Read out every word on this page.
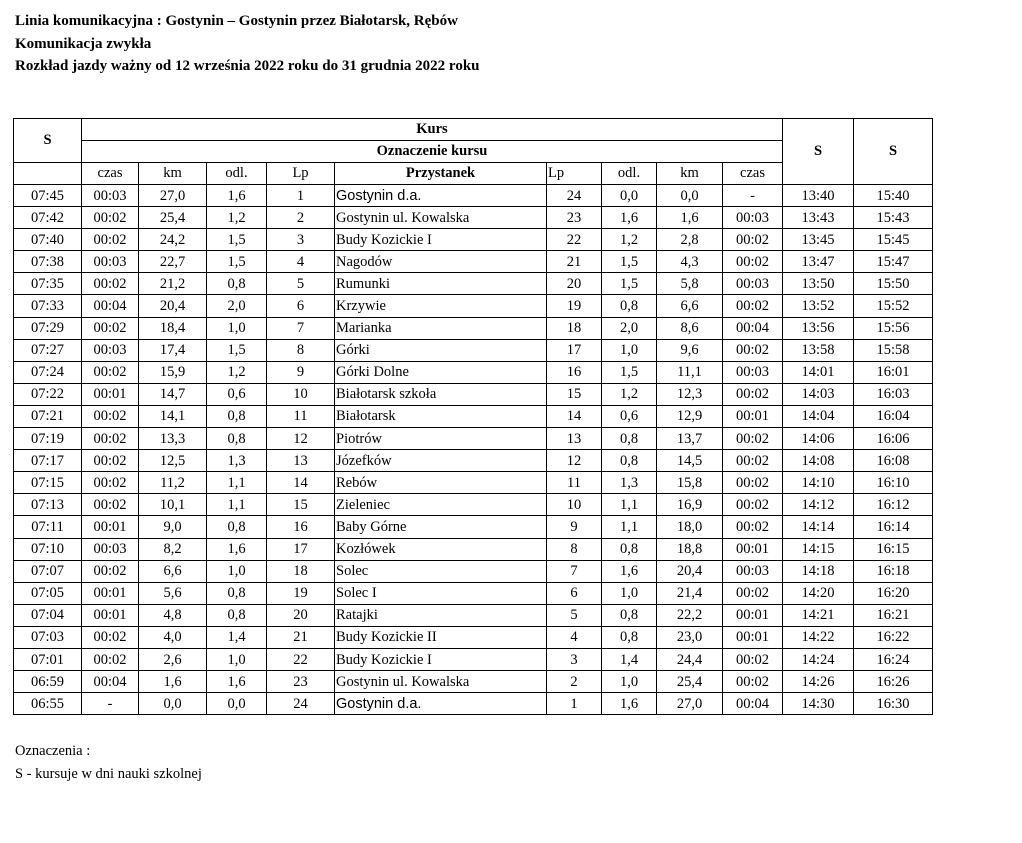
Linia komunikacyjna : Gostynin – Gostynin przez Białotarsk, Rębów
Komunikacja zwykła
Rozkład jazdy ważny od 12 września 2022 roku do 31 grudnia 2022 roku
S	Kurs									S	S
	Oznaczenie kursu										
	czas	km	odl.	Lp	Przystanek	Lp	odl.	km	czas		
07:45	00:03	27,0	1,6	1	Gostynin d.a.	24	0,0	0,0	-	13:40	15:40
07:42	00:02	25,4	1,2	2	Gostynin ul. Kowalska	23	1,6	1,6	00:03	13:43	15:43
07:40	00:02	24,2	1,5	3	Budy Kozickie I	22	1,2	2,8	00:02	13:45	15:45
07:38	00:03	22,7	1,5	4	Nagodów	21	1,5	4,3	00:02	13:47	15:47
07:35	00:02	21,2	0,8	5	Rumunki	20	1,5	5,8	00:03	13:50	15:50
07:33	00:04	20,4	2,0	6	Krzywie	19	0,8	6,6	00:02	13:52	15:52
07:29	00:02	18,4	1,0	7	Marianka	18	2,0	8,6	00:04	13:56	15:56
07:27	00:03	17,4	1,5	8	Górki	17	1,0	9,6	00:02	13:58	15:58
07:24	00:02	15,9	1,2	9	Górki Dolne	16	1,5	11,1	00:03	14:01	16:01
07:22	00:01	14,7	0,6	10	Białotarsk szkoła	15	1,2	12,3	00:02	14:03	16:03
07:21	00:02	14,1	0,8	11	Białotarsk	14	0,6	12,9	00:01	14:04	16:04
07:19	00:02	13,3	0,8	12	Piotrów	13	0,8	13,7	00:02	14:06	16:06
07:17	00:02	12,5	1,3	13	Józefków	12	0,8	14,5	00:02	14:08	16:08
07:15	00:02	11,2	1,1	14	Rebów	11	1,3	15,8	00:02	14:10	16:10
07:13	00:02	10,1	1,1	15	Zieleniec	10	1,1	16,9	00:02	14:12	16:12
07:11	00:01	9,0	0,8	16	Baby Górne	9	1,1	18,0	00:02	14:14	16:14
07:10	00:03	8,2	1,6	17	Kozłówek	8	0,8	18,8	00:01	14:15	16:15
07:07	00:02	6,6	1,0	18	Solec	7	1,6	20,4	00:03	14:18	16:18
07:05	00:01	5,6	0,8	19	Solec I	6	1,0	21,4	00:02	14:20	16:20
07:04	00:01	4,8	0,8	20	Ratajki	5	0,8	22,2	00:01	14:21	16:21
07:03	00:02	4,0	1,4	21	Budy Kozickie II	4	0,8	23,0	00:01	14:22	16:22
07:01	00:02	2,6	1,0	22	Budy Kozickie I	3	1,4	24,4	00:02	14:24	16:24
06:59	00:04	1,6	1,6	23	Gostynin ul. Kowalska	2	1,0	25,4	00:02	14:26	16:26
06:55	-	0,0	0,0	24	Gostynin d.a.	1	1,6	27,0	00:04	14:30	16:30
Oznaczenia :
S - kursuje w dni nauki szkolnej
